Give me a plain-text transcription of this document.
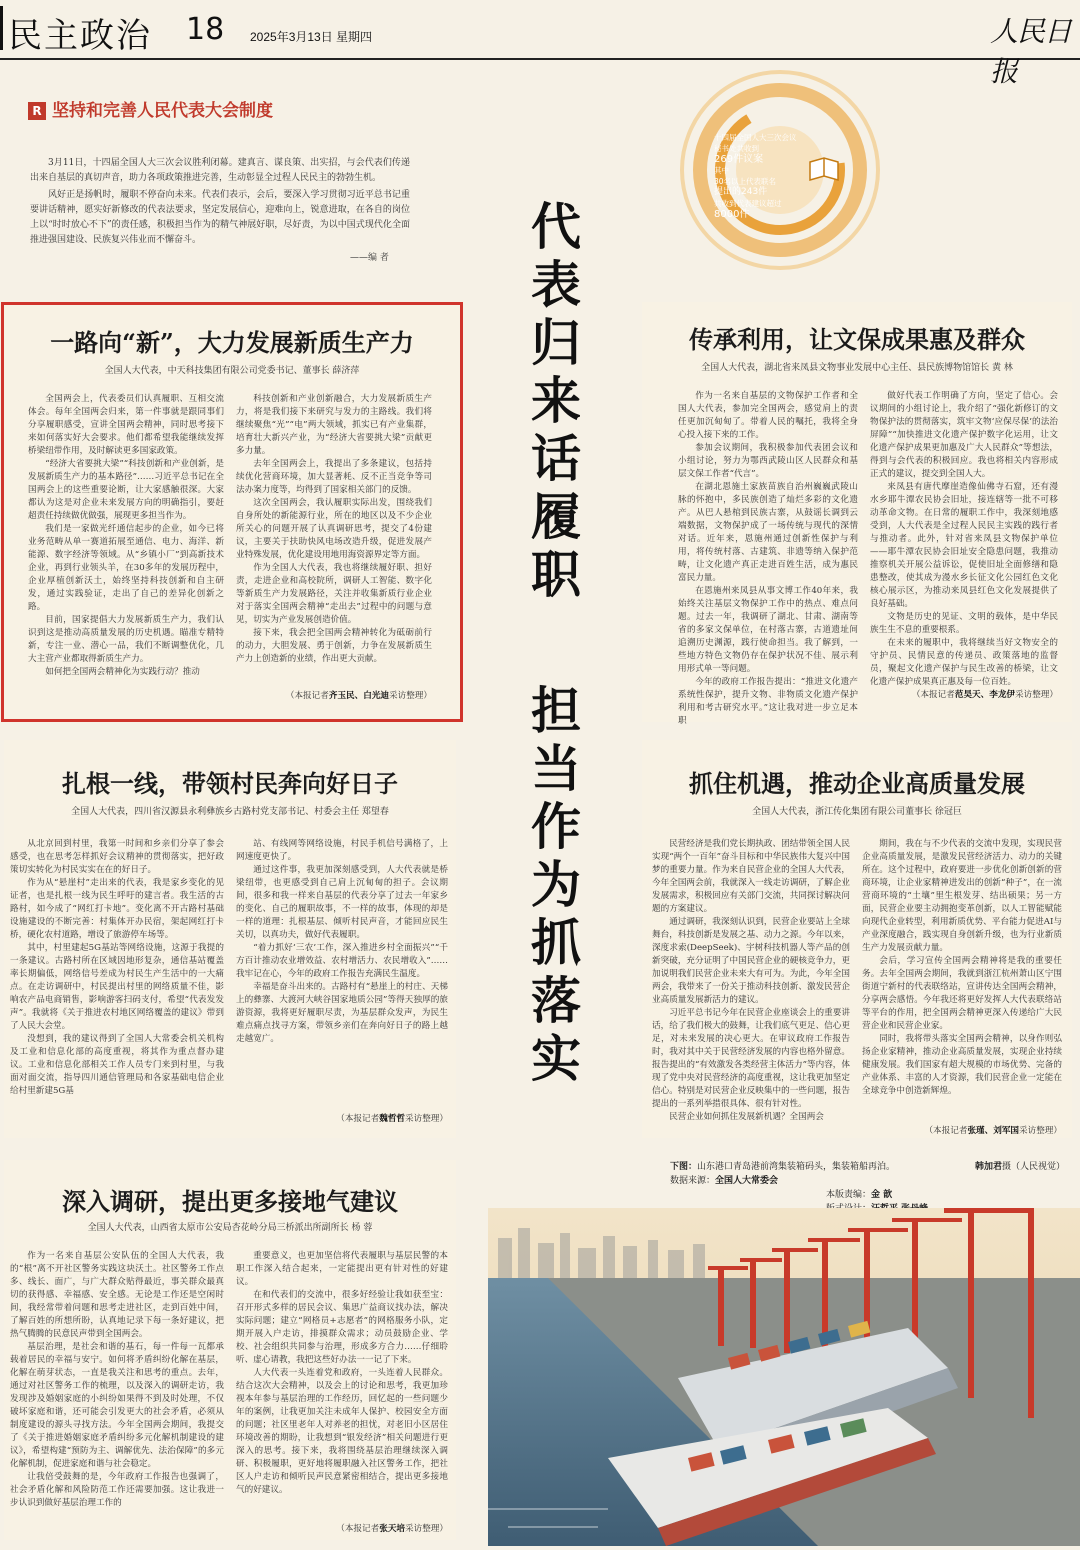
民主政治 18 2025年3月13日 星期四	人民日报
R 坚持和完善人民代表大会制度

3月11日，十四届全国人大三次会议胜利闭幕。建真言、谋良策、出实招，与会代表们传递出来自基层的真切声音，助力各项政策推进完善，生动彰显全过程人民民主的勃勃生机。

风好正是扬帆时，履职不停奋向未来。代表们表示，会后，要深入学习贯彻习近平总书记重要讲话精神，愿实好新修改的代表法要求，坚定发展信心，迎难向上，锐意进取，在各自的岗位上以“时时放心不下”的责任感，积极担当作为的精气神展好职，尽好责，为以中国式现代化全面推进强国建设、民族复兴伟业而不懈奋斗。

——编 者
十四届全国人大三次会议
秘书处共收到
269件议案
其中
30名以上代表联名
提出的243件
共收到代表建议超过
8000件
代表归来话履职
担当作为抓落实
一路向“新”，大力发展新质生产力
全国人大代表，中天科技集团有限公司党委书记、董事长 薛济萍

全国两会上，代表委员们认真履职、互相交流体会。每年全国两会归来，第一件事就是跟同事们分享履职感受，宣讲全国两会精神，同时思考接下来如何落实好大会要求。他们都希望我能继续发挥桥梁纽带作用，及时解读更多国家政策。

“经济大省要挑大梁”“科技创新和产业创新，是发展新质生产力的基本路径”……习近平总书记在全国两会上的这些重要论断，让大家感触很深。大家都认为这是对企业未来发展方向的明确指引，要赶超责任持续做优做强，展现更多担当作为。

我们是一家做光纤通信起步的企业，如今已将业务范畴从单一赛道拓展至通信、电力、海洋、新能源、数字经济等领域。从“乡镇小厂”到高新技术企业，再到行业领头羊，在30多年的发展历程中，企业厚植创新沃土，始终坚持科技创新和自主研发，通过实践验证，走出了自己的差异化创新之路。

目前，国家提倡大力发展新质生产力，我们认识到这是推动高质量发展的历史机遇。瞄准专精特新，专注一业、潜心一品，我们不断调整优化，几大主营产业都取得新质生产力。

如何把全国两会精神化为实践行动？推动

科技创新和产业创新融合，大力发展新质生产力，将是我们接下来研究与发力的主路线。我们将继续聚焦“光”“电”两大领域，抓实已有产业集群，培育壮大新兴产业，为“经济大省要挑大梁”贡献更多力量。

去年全国两会上，我提出了多条建议，包括持续优化营商环境，加大显著耗、反不正当竞争等司法办案力度等，均得到了国家相关部门的反馈。

这次全国两会，我认履职实际出发，围绕我们自身所处的新能源行业，所在的地区以及不少企业所关心的问题开展了认真调研思考，提交了4份建议，主要关于扶助快风电场改造升级，促进发展产业特殊发展，优化建设用地用海资源界定等方面。

作为全国人大代表，我也将继续履好职、担好责，走进企业和高校院所，调研人工智能、数字化等新质生产力发展路径，关注并收集新质行业企业对于落实全国两会精神“走出去”过程中的问题与意见，切实为产业发展创造价值。

接下来，我会把全国两会精神转化为砥砺前行的动力，大胆发展、勇于创新，力争在发展新质生产力上创造新的业绩，作出更大贡献。

（本报记者齐玉民、白光迪采访整理）
传承利用，让文保成果惠及群众
全国人大代表，湖北省来凤县文物事业发展中心主任、县民族博物馆馆长 黄 林

作为一名来自基层的文物保护工作者和全国人大代表，参加完全国两会，感觉肩上的责任更加沉甸甸了。带着人民的嘱托，我将全身心投入接下来的工作。

参加会议期间，我积极参加代表团会议和小组讨论，努力为鄂西武陵山区人民群众和基层文保工作者“代言”。

在湖北恩施土家族苗族自治州巍巍武陵山脉的怀抱中，多民族创造了灿烂多彩的文化遗产。从巴人悬棺到民族古寨，从鼓谣长调到云端数据，文物保护成了一场传统与现代的深情对话。近年来，恩施州通过创新性保护与利用，将传统村落、古建筑、非遗等纳入保护范畴，让文化遗产真正走进百姓生活，成为惠民富民力量。

在恩施州来凤县从事文博工作40年来，我始终关注基层文物保护工作中的热点、难点问题。过去一年，我调研了湖北、甘肃、湖南等省的多家文保单位，在村落古寨，古道遗址间追溯历史渊源，践行使命担当。我了解到，一些地方特色文物仍存在保护状况不佳、展示利用形式单一等问题。

今年的政府工作报告提出：“推进文化遗产系统性保护，提升文物、非物质文化遗产保护利用和考古研究水平。”这让我对进一步立足本职

做好代表工作明确了方向，坚定了信心。会议期间的小组讨论上，我介绍了“强化新修订的文物保护法的贯彻落实，筑牢文物‘应保尽保’的法治屏障”“加快推进文化遗产保护数字化运用，让文化遗产保护成果更加惠及广大人民群众”等想法，得到与会代表的积极回应。我也将相关内容形成正式的建议，提交到全国人大。

来凤县有唐代摩崖造像仙佛寺石窟，还有漫水乡耶牛潭农民协会旧址，接连辖等一批不可移动革命文物。在日常的履职工作中，我深刻地感受到，人大代表是全过程人民民主实践的践行者与推动者。此外，针对省来凤县文物保护单位——耶牛潭农民协会旧址安全隐患问题，我推动推察机关开展公益诉讼，促使旧址全面修缮和隐患整改，使其成为漫水乡长征文化公园红色文化核心展示区，为推动来凤县红色文化发展提供了良好基础。

文物是历史的见证、文明的载体，是中华民族生生不息的重要根系。

在未来的履职中，我将继续当好文物安全的守护员、民情民意的传递员、政策落地的监督员，聚起文化遗产保护与民生改善的桥梁，让文化遗产保护成果真正惠及每一位百姓。

（本报记者范昊天、李龙伊采访整理）
扎根一线，带领村民奔向好日子
全国人大代表，四川省汉源县永利彝族乡古路村党支部书记、村委会主任 郑望春

从北京回到村里，我第一时间和乡亲们分享了参会感受，也在思考怎样抓好会议精神的贯彻落实，把好政策切实转化为村民实实在在的好日子。

作为从“悬崖村”走出来的代表，我是家乡变化的见证者，也是扎根一线为民生呼吁的建言者。我生活的古路村，如今成了“网红打卡地”。变化离不开古路村基础设施建设的不断完善：村集体开办民宿，架起网红打卡桥，硬化农村道路，增设了旅游停车场等。

其中，村里建起5G基站等网络设施，这源于我提的一条建议。古路村所在区域因地形复杂，通信基站覆盖率长期偏低，网络信号差成为村民生产生活中的一大痛点。在走访调研中，村民提出村里的网络质量不佳，影响农产品电商销售，影响游客扫码支付，希望“代表发发声”。我就将《关于推进农村地区网络覆盖的建议》带到了人民大会堂。

没想到，我的建议得到了全国人大常委会机关机构及工业和信息化部的高度重视，将其作为重点督办建议。工业和信息化部相关工作人员专门来到村里，与我面对面交流，指导四川通信管理局和各家基础电信企业给村里新建5G基

站、有线网等网络设施，村民手机信号满格了，上网速度更快了。

通过这件事，我更加深刻感受到，人大代表就是桥梁纽带，也更感受到自己肩上沉甸甸的担子。会议期间，很多和我一样来自基层的代表分享了过去一年家乡的变化、自己的履职故事，不一样的故事，体现的却是一样的道理：扎根基层、倾听村民声音，才能回应民生关切，以真功夫，做好代表履职。

“着力抓好‘三农’工作，深入推进乡村全面振兴”“千方百计推动农业增效益、农村增活力、农民增收入”……我牢记在心，今年的政府工作报告充满民生温度。

幸福是奋斗出来的。古路村有“悬崖上的村庄、天梯上的彝寨、大渡河大峡谷国家地质公园”等得天独厚的旅游资源，我将更好履职尽责，为基层群众发声，为民生难点痛点找寻方案，带领乡亲们在奔向好日子的路上越走越宽广。

（本报记者魏哲哲采访整理）
抓住机遇，推动企业高质量发展
全国人大代表，浙江传化集团有限公司董事长 徐冠巨

民营经济是我们党长期执政、团结带领全国人民实现“两个一百年”奋斗目标和中华民族伟大复兴中国梦的重要力量。作为来自民营企业的全国人大代表，今年全国两会前，我就深入一线走访调研，了解企业发展需求，积极回应有关部门交流，共同探讨解决问题的方案建议。

通过调研，我深刻认识到，民营企业要站上全球舞台，科技创新是发展之基、动力之源。今年以来，深度求索(DeepSeek)、宇树科技机器人等产品的创新突破，充分证明了中国民营企业的硬核竞争力，更加说明我们民营企业未来大有可为。为此，今年全国两会，我带来了一份关于推动科技创新、激发民营企业高质量发展新活力的建议。

习近平总书记今年在民营企业座谈会上的重要讲话，给了我们极大的鼓舞，让我们底气更足、信心更足，对未来发展的决心更大。在审议政府工作报告时，我对其中关于民营经济发展的内容也格外留意。报告提出的“有效激发各类经营主体活力”等内容，体现了党中央对民营经济的高度重视，这让我更加坚定信心。特别是对民营企业反映集中的一些问题，报告提出的一系列举措很具体、很有针对性。

民营企业如何抓住发展新机遇？全国两会

期间，我在与不少代表的交流中发现，实现民营企业高质量发展，是激发民营经济活力、动力的关键所在。这个过程中，政府要进一步优化创新创新的营商环境，让企业家精神进发出的创新“种子”，在一流营商环境的“土壤”里生根发芽、结出硕果；另一方面，民营企业要主动拥抱变革创新，以人工智能赋能向现代企业转型，利用新质优势、平台能力促进AI与产业深度融合，践实现自身创新升级，也为行业新质生产力发展贡献力量。

会后，学习宣传全国两会精神将是我的重要任务。去年全国两会期间，我就到浙江杭州萧山区宁围街道宁新村的代表联络站，宣讲传达全国两会精神，分享两会感悟。今年我还将更好发挥人大代表联络站等平台的作用，把全国两会精神更深入传递给广大民营企业和民营企业家。

同时，我将带头落实全国两会精神，以身作则弘扬企业家精神，推动企业高质量发展，实现企业持续健康发展。我们国家有超大规模的市场优势、完备的产业体系、丰富的人才资源，我们民营企业一定能在全球竞争中创造新辉煌。

（本报记者张瑾、刘军国采访整理）
深入调研，提出更多接地气建议
全国人大代表，山西省太原市公安局杏花岭分局三桥派出所副所长 杨 蓉

作为一名来自基层公安队伍的全国人大代表，我的“根”离不开社区警务实践这块沃土。社区警务工作点多、线长、面广，与广大群众贴得最近，事关群众最真切的获得感、幸福感、安全感。无论是工作还是空闲时间，我经常带着问题和思考走进社区，走到百姓中间，了解百姓的所想所盼，认真地记录下每一条好建议，把热气腾腾的民意民声带到全国两会。

基层治理，是社会和谐的基石，每一件每一瓦都承载着居民的幸福与安宁。如何将矛盾纠纷化解在基层，化解在萌芽状态，一直是我关注和思考的重点。去年，通过对社区警务工作的梳理，以及深入的调研走访，我发现涉及婚姻家庭的小纠纷如果得不到及时处理，不仅破坏家庭和谐，还可能会引发更大的社会矛盾，必须从制度建设的源头寻找方法。今年全国两会期间，我提交了《关于推进婚姻家庭矛盾纠纷多元化解机制建设的建议》，希望构建“预防为主、调解优先、法治保障”的多元化解机制，促进家庭和谐与社会稳定。

让我倍受鼓舞的是，今年政府工作报告也强调了，社会矛盾化解和风险防范工作还需要加强。这让我进一步认识到做好基层治理工作的

重要意义，也更加坚信将代表履职与基层民警的本职工作深入结合起来，一定能提出更有针对性的好建议。

在和代表们的交流中，很多好经验让我如获至宝：召开形式多样的居民会议、集思广益商议找办法，解决实际问题；建立“网格员+志愿者”的网格服务小队，定期开展入户走访，排摸群众需求；动员鼓励企业、学校、社会组织共同参与治理，形成多方合力……仔细聆听、虚心请教，我把这些好办法一一记了下来。

人大代表一头连着党和政府，一头连着人民群众。结合这次大会精神，以及会上的讨论和思考，我更加珍视本年参与基层治理的工作经历，回忆起的一些问题少年的案例，让我更加关注未成年人保护、校园安全方面的问题；社区里老年人对养老的担忧，对老旧小区居住环境改善的期盼，让我想到“银发经济”相关问题进行更深入的思考。接下来，我将围绕基层治理继续深入调研、积极履职，更好地将履职融入社区警务工作，把社区人户走访和倾听民声民意紧密相结合，提出更多接地气的好建议。

（本报记者张天培采访整理）
下图：山东港口青岛港前湾集装箱码头，集装箱船再泊。	韩加君摄（人民视觉）
数据来源：全国人大常委会
本版责编：金 歆
